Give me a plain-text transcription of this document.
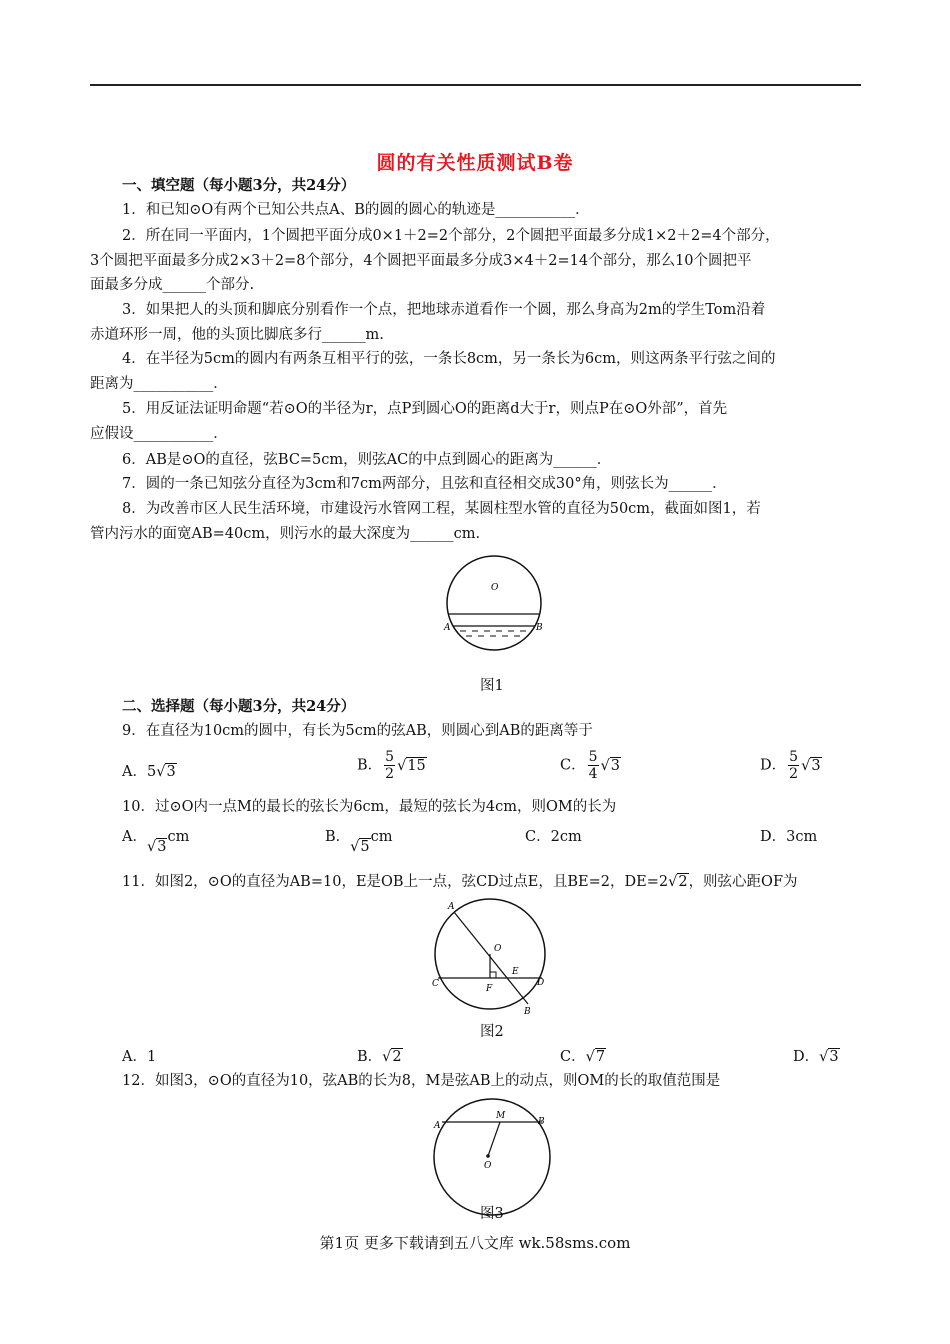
圆的有关性质测试B卷
一、填空题（每小题3分，共24分）
1．和已知⊙O有两个已知公共点A、B的圆的圆心的轨迹是___________．
2．所在同一平面内，1个圆把平面分成0×1＋2=2个部分，2个圆把平面最多分成1×2＋2=4个部分，
3个圆把平面最多分成2×3＋2=8个部分，4个圆把平面最多分成3×4＋2=14个部分，那么10个圆把平
面最多分成______个部分.
3．如果把人的头顶和脚底分别看作一个点，把地球赤道看作一个圆，那么身高为2m的学生Tom沿着
赤道环形一周，他的头顶比脚底多行______m.
4．在半径为5cm的圆内有两条互相平行的弦，一条长8cm，另一条长为6cm，则这两条平行弦之间的
距离为___________．
5．用反证法证明命题“若⊙O的半径为r，点P到圆心O的距离d大于r，则点P在⊙O外部”，首先
应假设___________．
6．AB是⊙O的直径，弦BC=5cm，则弦AC的中点到圆心的距离为______．
7．圆的一条已知弦分直径为3cm和7cm两部分，且弦和直径相交成30°角，则弦长为______．
8．为改善市区人民生活环境，市建设污水管网工程，某圆柱型水管的直径为50cm，截面如图1，若
管内污水的面宽AB=40cm，则污水的最大深度为______cm.
O
A	B
图1
二、选择题（每小题3分，共24分）
9．在直径为10cm的圆中，有长为5cm的弦AB，则圆心到AB的距离等于
A．5√3	B． $\frac{5}{2} √15$	C． $\frac{5}{4} √3$	D． $\frac{5}{2} √3$
10．过⊙O内一点M的最长的弦长为6cm，最短的弦长为4cm，则OM的长为
A．√3cm	B．√5cm	C．2cm	D．3cm
11．如图2，⊙O的直径为AB=10，E是OB上一点，弦CD过点E，且BE=2，DE=2√2，则弦心距OF为
A
O
E
C	F
D
B
图2
A．1	B．√2	C．√7	D．√3
12．如图3，⊙O的直径为10，弦AB的长为8，M是弦AB上的动点，则OM的长的取值范围是
A
M
B
O
图3
第1页 更多下载请到五八文库 wk.58sms.com
